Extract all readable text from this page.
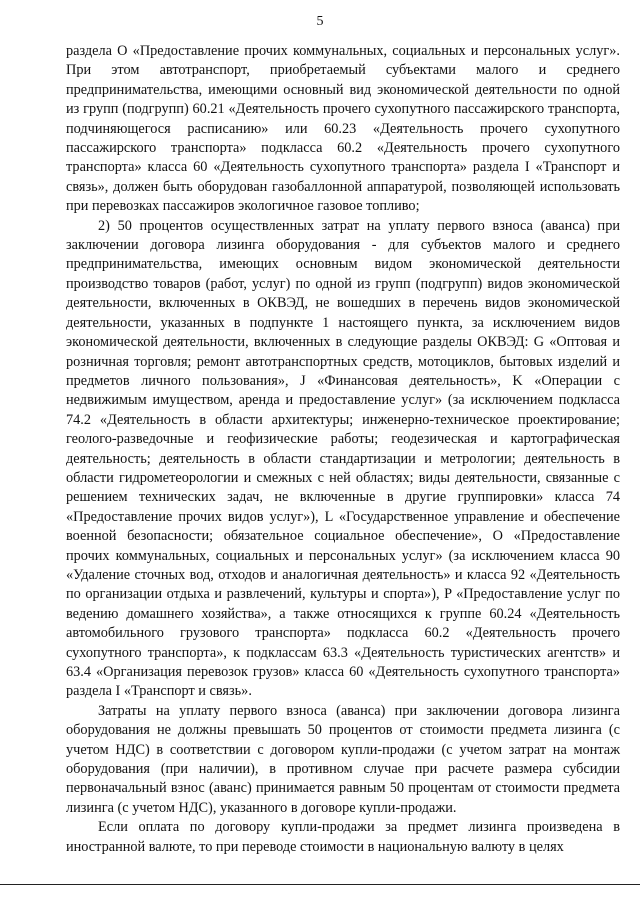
5

раздела О «Предоставление прочих коммунальных, социальных и персональных услуг». При этом автотранспорт, приобретаемый субъектами малого и среднего предпринимательства, имеющими основный вид экономической деятельности по одной из групп (подгрупп) 60.21 «Деятельность прочего сухопутного пассажирского транспорта, подчиняющегося расписанию» или 60.23 «Деятельность прочего сухопутного пассажирского транспорта» подкласса 60.2 «Деятельность прочего сухопутного транспорта» класса 60 «Деятельность сухопутного транспорта» раздела I «Транспорт и связь», должен быть оборудован газобаллонной аппаратурой, позволяющей использовать при перевозках пассажиров экологичное газовое топливо;

2) 50 процентов осуществленных затрат на уплату первого взноса (аванса) при заключении договора лизинга оборудования - для субъектов малого и среднего предпринимательства, имеющих основным видом экономической деятельности производство товаров (работ, услуг) по одной из групп (подгрупп) видов экономической деятельности, включенных в ОКВЭД, не вошедших в перечень видов экономической деятельности, указанных в подпункте 1 настоящего пункта, за исключением видов экономической деятельности, включенных в следующие разделы ОКВЭД: G «Оптовая и розничная торговля; ремонт автотранспортных средств, мотоциклов, бытовых изделий и предметов личного пользования», J «Финансовая деятельность», K «Операции с недвижимым имуществом, аренда и предоставление услуг» (за исключением подкласса 74.2 «Деятельность в области архитектуры; инженерно-техническое проектирование; геолого-разведочные и геофизические работы; геодезическая и картографическая деятельность; деятельность в области стандартизации и метрологии; деятельность в области гидрометеорологии и смежных с ней областях; виды деятельности, связанные с решением технических задач, не включенные в другие группировки» класса 74 «Предоставление прочих видов услуг»), L «Государственное управление и обеспечение военной безопасности; обязательное социальное обеспечение», O «Предоставление прочих коммунальных, социальных и персональных услуг» (за исключением класса 90 «Удаление сточных вод, отходов и аналогичная деятельность» и класса 92 «Деятельность по организации отдыха и развлечений, культуры и спорта»), P «Предоставление услуг по ведению домашнего хозяйства», а также относящихся к группе 60.24 «Деятельность автомобильного грузового транспорта» подкласса 60.2 «Деятельность прочего сухопутного транспорта», к подклассам 63.3 «Деятельность туристических агентств» и 63.4 «Организация перевозок грузов» класса 60 «Деятельность сухопутного транспорта» раздела I «Транспорт и связь».

Затраты на уплату первого взноса (аванса) при заключении договора лизинга оборудования не должны превышать 50 процентов от стоимости предмета лизинга (с учетом НДС) в соответствии с договором купли-продажи (с учетом затрат на монтаж оборудования (при наличии), в противном случае при расчете размера субсидии первоначальный взнос (аванс) принимается равным 50 процентам от стоимости предмета лизинга (с учетом НДС), указанного в договоре купли-продажи.

Если оплата по договору купли-продажи за предмет лизинга произведена в иностранной валюте, то при переводе стоимости в национальную валюту в целях
